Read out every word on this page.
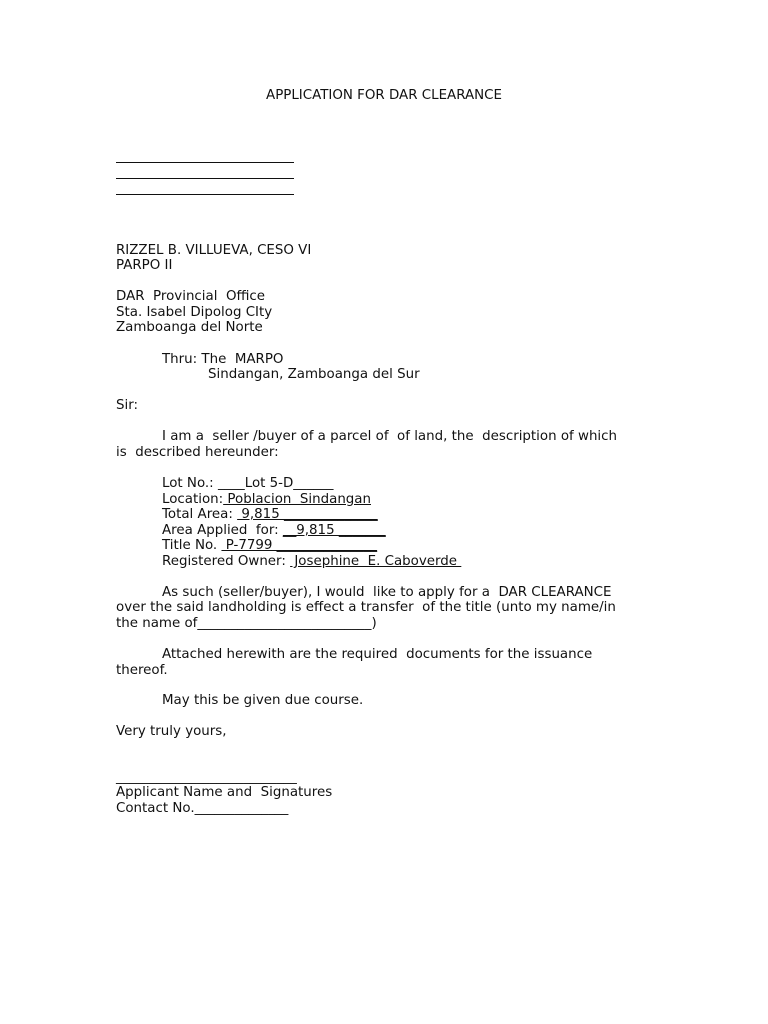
APPLICATION FOR DAR CLEARANCE
RIZZEL B. VILLUEVA, CESO VI
PARPO II
DAR  Provincial  Office
Sta. Isabel Dipolog CIty
Zamboanga del Norte
Thru: The  MARPO
Sindangan, Zamboanga del Sur
Sir:
I am a  seller /buyer of a parcel of  of land, the  description of which
is  described hereunder:
Lot No.: ____Lot 5-D______
Location: Poblacion  Sindangan
Total Area:  9,815 ______________
Area Applied  for: __9,815 _______
Title No.  P-7799 _______________
Registered Owner:  Josephine  E. Caboverde
As such (seller/buyer), I would  like to apply for a  DAR CLEARANCE
over the said landholding is effect a transfer  of the title (unto my name/in
the name of__________________________)
Attached herewith are the required  documents for the issuance
thereof.
May this be given due course.
Very truly yours,
___________________________
Applicant Name and  Signatures
Contact No.______________
